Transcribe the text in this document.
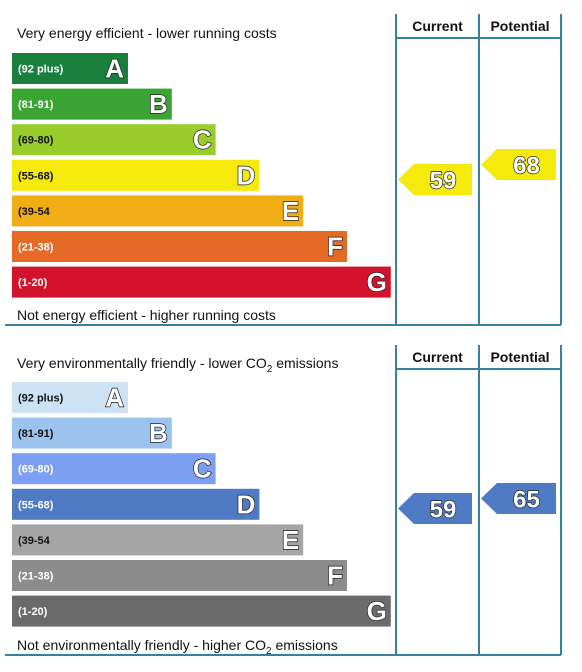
Current Potential
Very energy efficient - lower running costs
Not energy efficient - higher running costs
(92 plus) A
(81-91)	B
(69-80)	C
(55-68)	D
(39-54	E
(21-38)	F
(1-20)	G
59
68
Current Potential
Very environmentally friendly - lower $CO_2$ emissions
Not environmentally friendly - higher $CO_2$ emissions
(92 plus) A
(81-91)	B
(69-80)	C
(55-68)	D
(39-54	E
(21-38)	F
(1-20)	G
59 65
